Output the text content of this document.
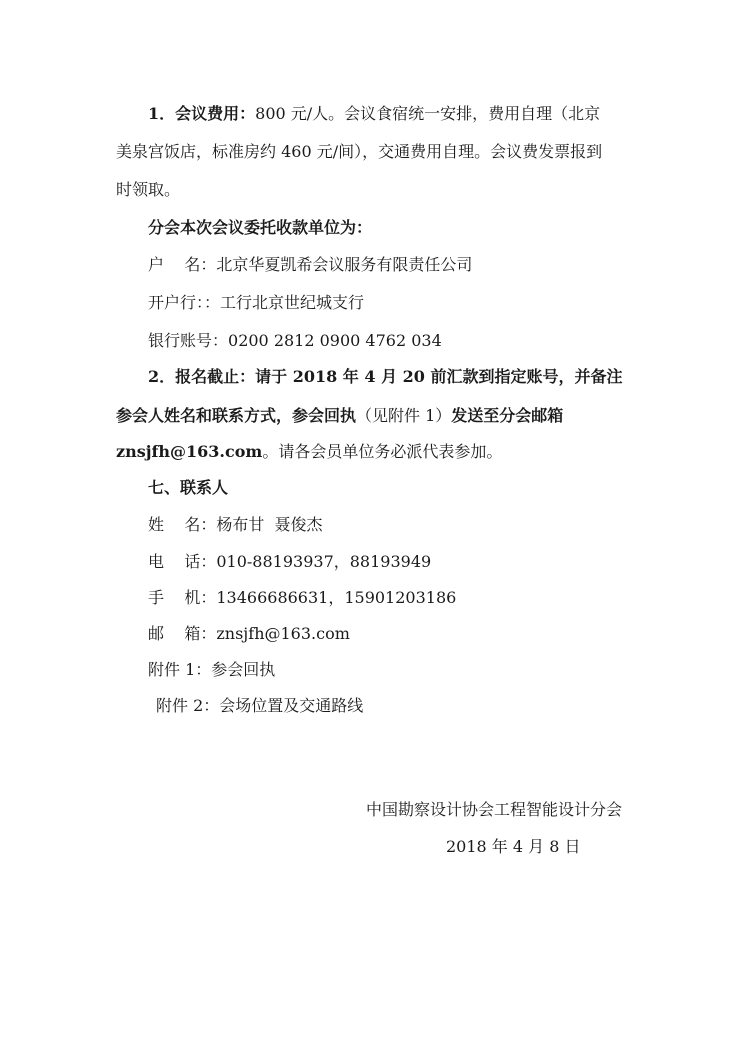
1．会议费用：800 元/人。会议食宿统一安排，费用自理（北京
美泉宫饭店，标准房约 460 元/间），交通费用自理。会议费发票报到
时领取。
分会本次会议委托收款单位为：
户    名：北京华夏凯希会议服务有限责任公司
开户行：：工行北京世纪城支行
银行账号：0200 2812 0900 4762 034
2．报名截止：请于 2018 年 4 月 20 前汇款到指定账号，并备注
参会人姓名和联系方式，参会回执（见附件 1）发送至分会邮箱
znsjfh@163.com。请各会员单位务必派代表参加。
七、联系人
姓    名：杨布甘  聂俊杰
电    话：010-88193937，88193949
手    机：13466686631，15901203186
邮    箱：znsjfh@163.com
附件 1：参会回执
附件 2：会场位置及交通路线
中国勘察设计协会工程智能设计分会
2018 年 4 月 8 日
